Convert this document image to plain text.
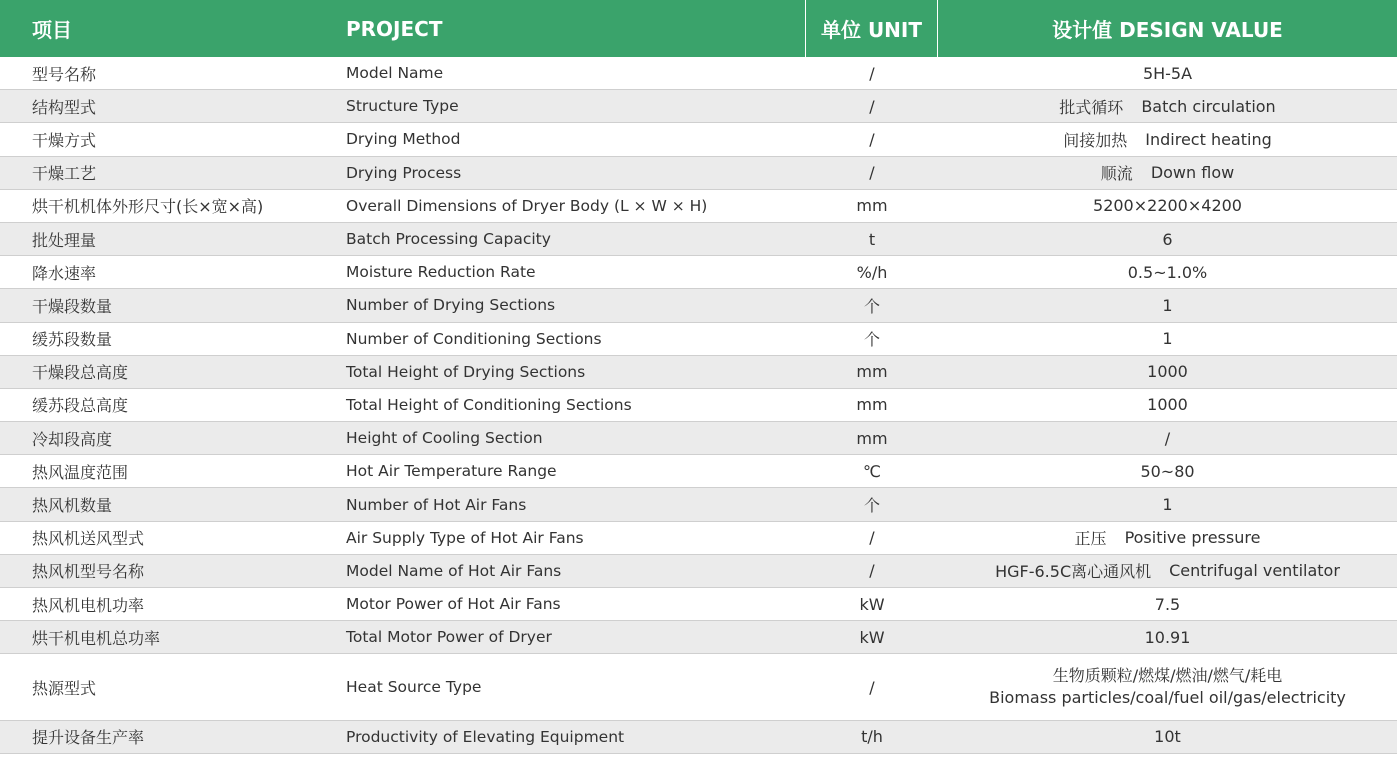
项目	PROJECT	单位 UNIT	设计值 DESIGN VALUE
型号名称	Model Name	/	5H-5A
结构型式	Structure Type	/	批式循环 Batch circulation
干燥方式	Drying Method	/	间接加热 Indirect heating
干燥工艺	Drying Process	/	顺流 Down flow
烘干机机体外形尺寸(长×宽×高)	Overall Dimensions of Dryer Body (L × W × H)	mm	5200×2200×4200
批处理量	Batch Processing Capacity	t	6
降水速率	Moisture Reduction Rate	%/h	0.5~1.0%
干燥段数量	Number of Drying Sections	个	1
缓苏段数量	Number of Conditioning Sections	个	1
干燥段总高度	Total Height of Drying Sections	mm	1000
缓苏段总高度	Total Height of Conditioning Sections	mm	1000
冷却段高度	Height of Cooling Section	mm	/
热风温度范围	Hot Air Temperature Range	℃	50~80
热风机数量	Number of Hot Air Fans	个	1
热风机送风型式	Air Supply Type of Hot Air Fans	/	正压 Positive pressure
热风机型号名称	Model Name of Hot Air Fans	/	HGF-6.5C离心通风机 Centrifugal ventilator
热风机电机功率	Motor Power of Hot Air Fans	kW	7.5
烘干机电机总功率	Total Motor Power of Dryer	kW	10.91
热源型式	Heat Source Type	/
生物质颗粒/燃煤/燃油/燃气/耗电
Biomass particles/coal/fuel oil/gas/electricity
提升设备生产率	Productivity of Elevating Equipment	t/h	10t
